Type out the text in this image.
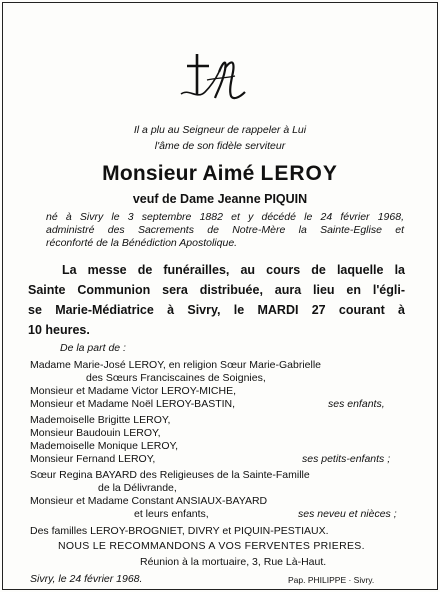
Il a plu au Seigneur de rappeler à Lui
l'âme de son fidèle serviteur
Monsieur Aimé LEROY
veuf de Dame Jeanne PIQUIN
né à Sivry le 3 septembre 1882 et y décédé le 24 février 1968,
administré des Sacrements de Notre-Mère la Sainte-Eglise et
réconforté de la Bénédiction Apostolique.
La messe de funérailles, au cours de laquelle la
Sainte Communion sera distribuée, aura lieu en l'égli-
se Marie-Médiatrice à Sivry, le MARDI 27 courant à
10 heures.
De la part de :
Madame Marie-José LEROY, en religion Sœur Marie-Gabrielle
des Sœurs Franciscaines de Soignies,
Monsieur et Madame Victor LEROY-MICHE,
Monsieur et Madame Noël LEROY-BASTIN,	ses enfants,
Mademoiselle Brigitte LEROY,
Monsieur Baudouin LEROY,
Mademoiselle Monique LEROY,
Monsieur Fernand LEROY,	ses petits-enfants ;
Sœur Regina BAYARD des Religieuses de la Sainte-Famille
de la Délivrande,
Monsieur et Madame Constant ANSIAUX-BAYARD
et leurs enfants,	ses neveu et nièces ;
Des familles LEROY-BROGNIET, DIVRY et PIQUIN-PESTIAUX.
NOUS LE RECOMMANDONS A VOS FERVENTES PRIERES.
Réunion à la mortuaire, 3, Rue Là-Haut.
Sivry, le 24 février 1968.	Pap. PHILIPPE · Sivry.
